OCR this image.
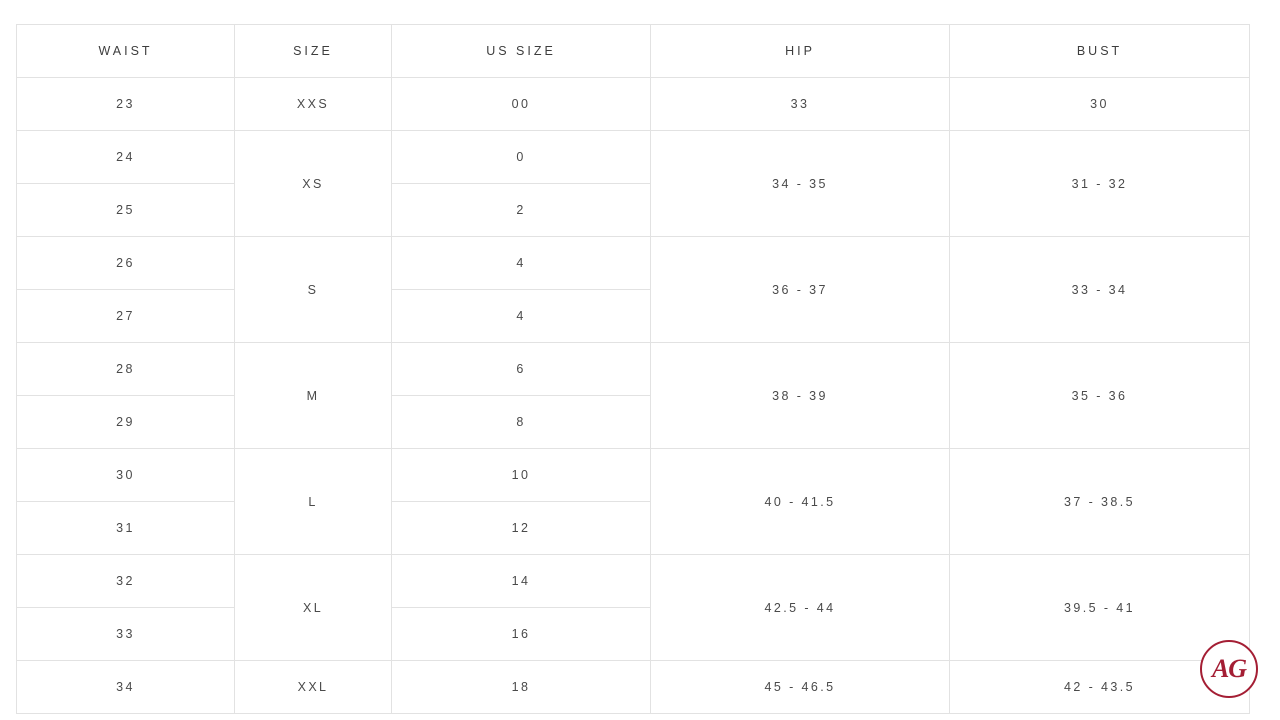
WAIST	SIZE	US SIZE	HIP	BUST
23	XXS	00	33	30
24	XS	0	34 - 35	31 - 32
25		2		
26	S	4	36 - 37	33 - 34
27		4		
28	M	6	38 - 39	35 - 36
29		8		
30	L	10	40 - 41.5	37 - 38.5
31		12		
32	XL	14	42.5 - 44	39.5 - 41
33		16		
34	XXL	18	45 - 46.5	42 - 43.5
AG
